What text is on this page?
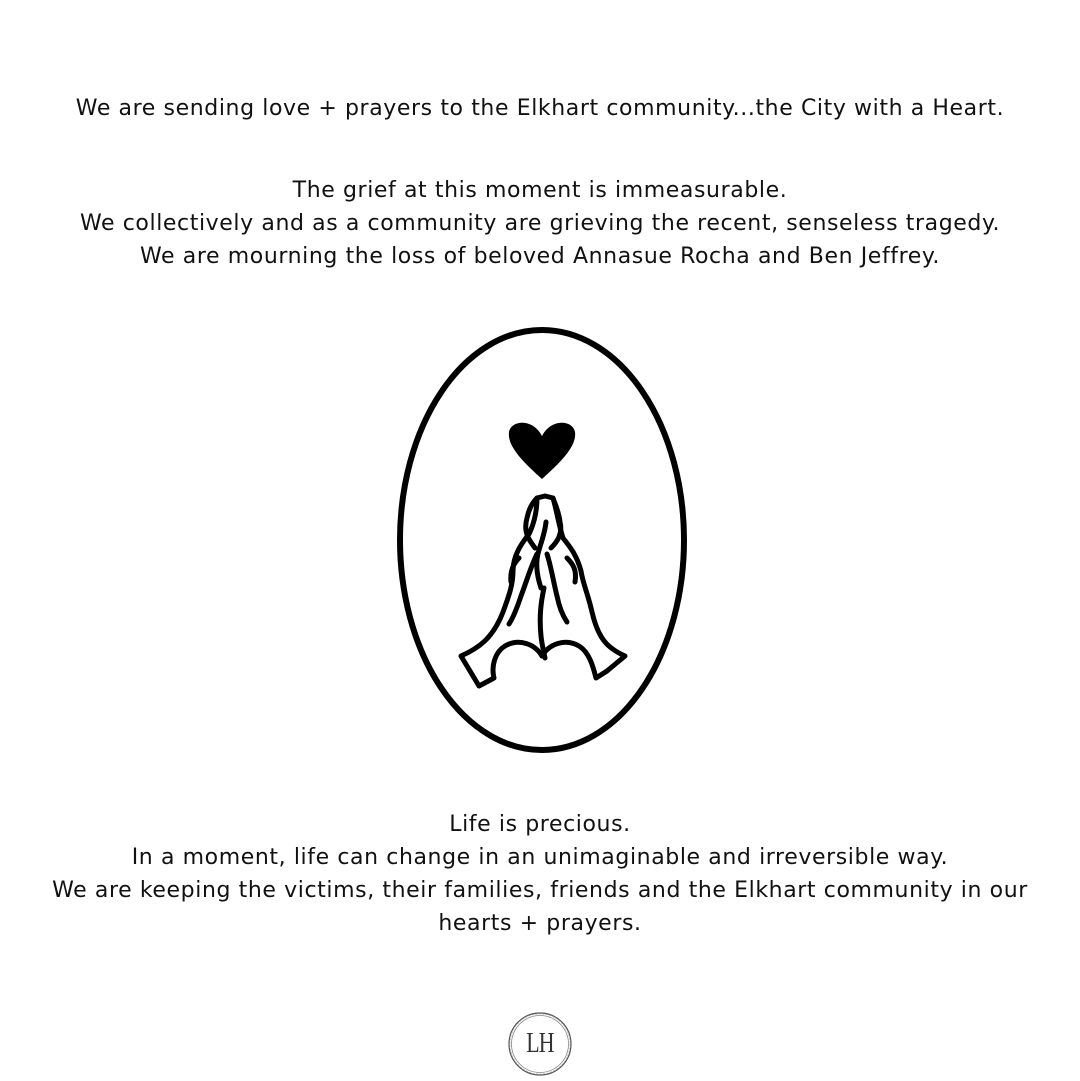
We are sending love + prayers to the Elkhart community...the City with a Heart.
The grief at this moment is immeasurable.
We collectively and as a community are grieving the recent, senseless tragedy.
We are mourning the loss of beloved Annasue Rocha and Ben Jeffrey.
Life is precious.
In a moment, life can change in an unimaginable and irreversible way.
We are keeping the victims, their families, friends and the Elkhart community in our
hearts + prayers.
LH
